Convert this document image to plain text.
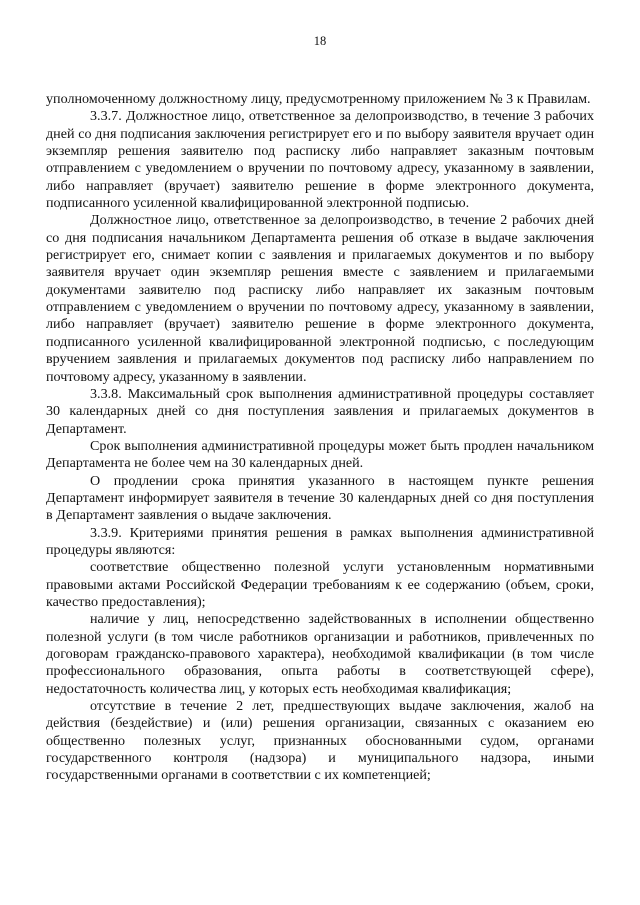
18

уполномоченному должностному лицу, предусмотренному приложением № 3 к Правилам.

3.3.7. Должностное лицо, ответственное за делопроизводство, в течение 3 рабочих дней со дня подписания заключения регистрирует его и по выбору заявителя вручает один экземпляр решения заявителю под расписку либо направляет заказным почтовым отправлением с уведомлением о вручении по почтовому адресу, указанному в заявлении, либо направляет (вручает) заявителю решение в форме электронного документа, подписанного усиленной квалифицированной электронной подписью.

Должностное лицо, ответственное за делопроизводство, в течение 2 рабочих дней со дня подписания начальником Департамента решения об отказе в выдаче заключения регистрирует его, снимает копии с заявления и прилагаемых документов и по выбору заявителя вручает один экземпляр решения вместе с заявлением и прилагаемыми документами заявителю под расписку либо направляет их заказным почтовым отправлением с уведомлением о вручении по почтовому адресу, указанному в заявлении, либо направляет (вручает) заявителю решение в форме электронного документа, подписанного усиленной квалифицированной электронной подписью, с последующим вручением заявления и прилагаемых документов под расписку либо направлением по почтовому адресу, указанному в заявлении.

3.3.8. Максимальный срок выполнения административной процедуры составляет 30 календарных дней со дня поступления заявления и прилагаемых документов в Департамент.

Срок выполнения административной процедуры может быть продлен начальником Департамента не более чем на 30 календарных дней.

О продлении срока принятия указанного в настоящем пункте решения Департамент информирует заявителя в течение 30 календарных дней со дня поступления в Департамент заявления о выдаче заключения.

3.3.9. Критериями принятия решения в рамках выполнения административной процедуры являются:

соответствие общественно полезной услуги установленным нормативными правовыми актами Российской Федерации требованиям к ее содержанию (объем, сроки, качество предоставления);

наличие у лиц, непосредственно задействованных в исполнении общественно полезной услуги (в том числе работников организации и работников, привлеченных по договорам гражданско-правового характера), необходимой квалификации (в том числе профессионального образования, опыта работы в соответствующей сфере), недостаточность количества лиц, у которых есть необходимая квалификация;

отсутствие в течение 2 лет, предшествующих выдаче заключения, жалоб на действия (бездействие) и (или) решения организации, связанных с оказанием ею общественно полезных услуг, признанных обоснованными судом, органами государственного контроля (надзора) и муниципального надзора, иными государственными органами в соответствии с их компетенцией;
